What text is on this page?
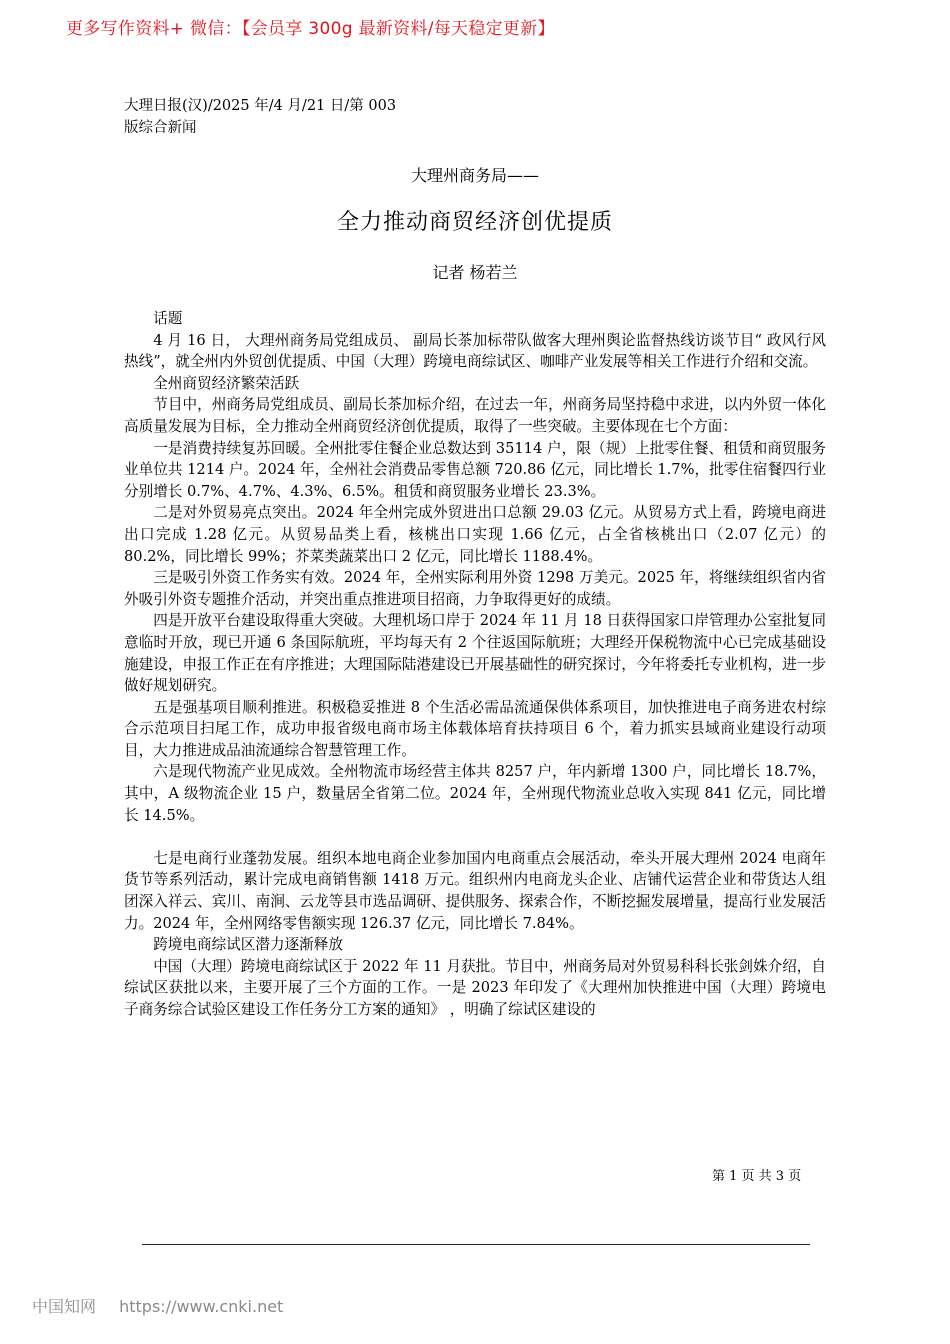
更多写作资料+ 微信：【会员享 300g 最新资料/每天稳定更新】
大理日报(汉)/2025 年/4 月/21 日/第 003
版综合新闻
大理州商务局——
全力推动商贸经济创优提质
记者 杨若兰

话题

4 月 16 日， 大理州商务局党组成员、 副局长茶加标带队做客大理州舆论监督热线访谈节目“ 政风行风热线”，就全州内外贸创优提质、中国（大理）跨境电商综试区、咖啡产业发展等相关工作进行介绍和交流。

全州商贸经济繁荣活跃

节目中，州商务局党组成员、副局长茶加标介绍，在过去一年，州商务局坚持稳中求进，以内外贸一体化高质量发展为目标，全力推动全州商贸经济创优提质，取得了一些突破。主要体现在七个方面：

一是消费持续复苏回暖。全州批零住餐企业总数达到 35114 户，限（规）上批零住餐、租赁和商贸服务业单位共 1214 户。2024 年，全州社会消费品零售总额 720.86 亿元，同比增长 1.7%，批零住宿餐四行业分别增长 0.7%、4.7%、4.3%、6.5%。租赁和商贸服务业增长 23.3%。

二是对外贸易亮点突出。2024 年全州完成外贸进出口总额 29.03 亿元。从贸易方式上看，跨境电商进出口完成 1.28 亿元。从贸易品类上看，核桃出口实现 1.66 亿元，占全省核桃出口（2.07 亿元）的 80.2%，同比增长 99%；芥菜类蔬菜出口 2 亿元，同比增长 1188.4%。

三是吸引外资工作务实有效。2024 年，全州实际利用外资 1298 万美元。2025 年，将继续组织省内省外吸引外资专题推介活动，并突出重点推进项目招商，力争取得更好的成绩。

四是开放平台建设取得重大突破。大理机场口岸于 2024 年 11 月 18 日获得国家口岸管理办公室批复同意临时开放，现已开通 6 条国际航班，平均每天有 2 个往返国际航班；大理经开保税物流中心已完成基础设施建设，申报工作正在有序推进；大理国际陆港建设已开展基础性的研究探讨，今年将委托专业机构，进一步做好规划研究。

五是强基项目顺利推进。积极稳妥推进 8 个生活必需品流通保供体系项目，加快推进电子商务进农村综合示范项目扫尾工作，成功申报省级电商市场主体载体培育扶持项目 6 个，着力抓实县域商业建设行动项目，大力推进成品油流通综合智慧管理工作。

六是现代物流产业见成效。全州物流市场经营主体共 8257 户，年内新增 1300 户，同比增长 18.7%，其中，A 级物流企业 15 户，数量居全省第二位。2024 年，全州现代物流业总收入实现 841 亿元，同比增长 14.5%。

七是电商行业蓬勃发展。组织本地电商企业参加国内电商重点会展活动，牵头开展大理州 2024 电商年货节等系列活动，累计完成电商销售额 1418 万元。组织州内电商龙头企业、店铺代运营企业和带货达人组团深入祥云、宾川、南涧、云龙等县市选品调研、提供服务、探索合作，不断挖掘发展增量，提高行业发展活力。2024 年，全州网络零售额实现 126.37 亿元，同比增长 7.84%。

跨境电商综试区潜力逐渐释放

中国（大理）跨境电商综试区于 2022 年 11 月获批。节目中，州商务局对外贸易科科长张剑姝介绍，自综试区获批以来，主要开展了三个方面的工作。一是 2023 年印发了《大理州加快推进中国（大理）跨境电子商务综合试验区建设工作任务分工方案的通知》 ，明确了综试区建设的

第 1 页 共 3 页
中国知网 https://www.cnki.net
